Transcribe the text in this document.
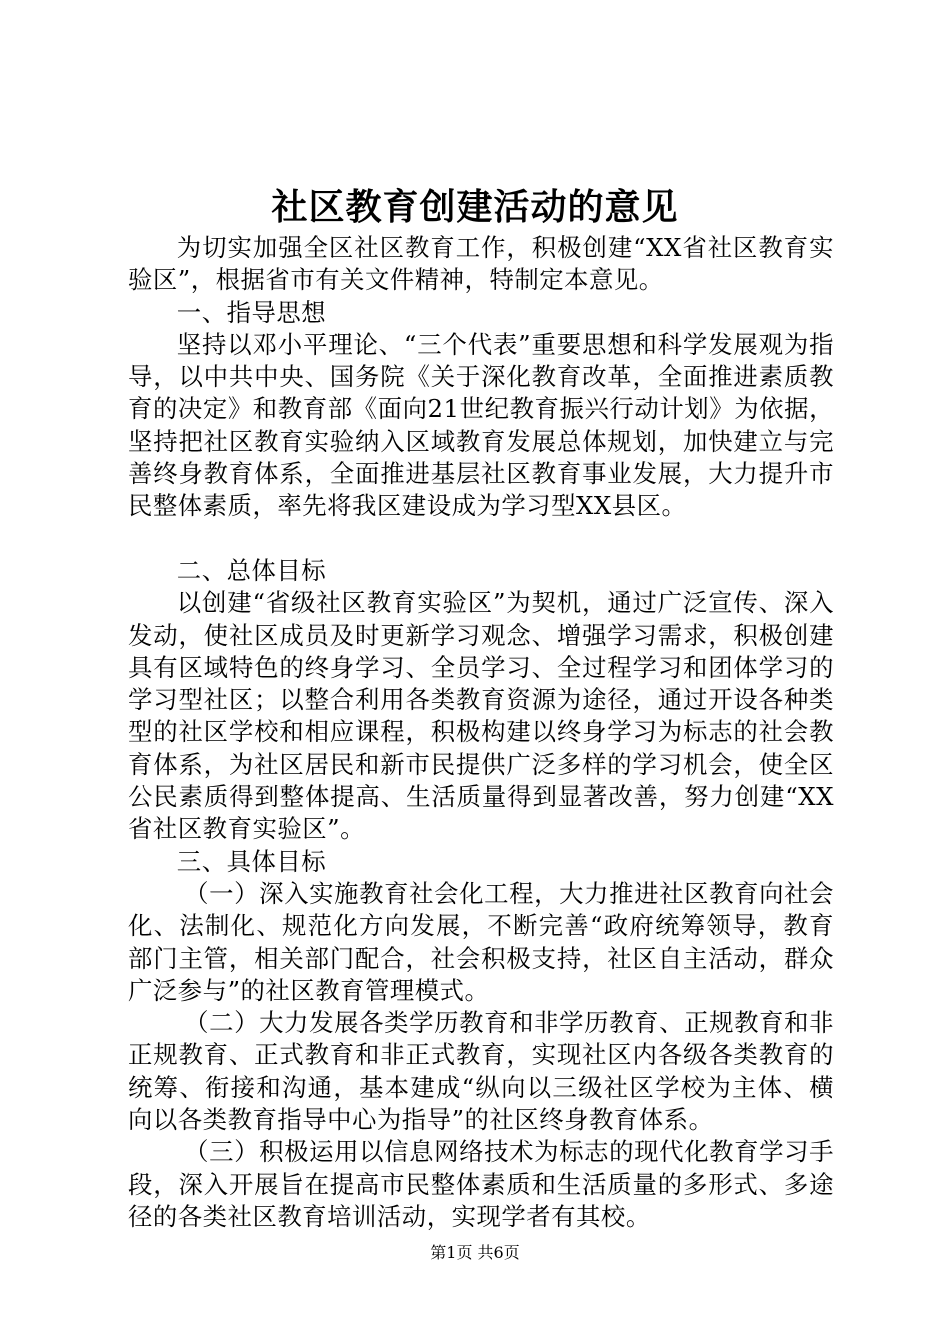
社区教育创建活动的意见

为切实加强全区社区教育工作，积极创建“XX省社区教育实验区”，根据省市有关文件精神，特制定本意见。

一、指导思想

坚持以邓小平理论、“三个代表”重要思想和科学发展观为指导，以中共中央、国务院《关于深化教育改革，全面推进素质教育的决定》和教育部《面向21世纪教育振兴行动计划》为依据，坚持把社区教育实验纳入区域教育发展总体规划，加快建立与完善终身教育体系，全面推进基层社区教育事业发展，大力提升市民整体素质，率先将我区建设成为学习型XX县区。

二、总体目标

以创建“省级社区教育实验区”为契机，通过广泛宣传、深入发动，使社区成员及时更新学习观念、增强学习需求，积极创建具有区域特色的终身学习、全员学习、全过程学习和团体学习的学习型社区；以整合利用各类教育资源为途径，通过开设各种类型的社区学校和相应课程，积极构建以终身学习为标志的社会教育体系，为社区居民和新市民提供广泛多样的学习机会，使全区公民素质得到整体提高、生活质量得到显著改善，努力创建“XX省社区教育实验区”。

三、具体目标

（一）深入实施教育社会化工程，大力推进社区教育向社会化、法制化、规范化方向发展，不断完善“政府统筹领导，教育部门主管，相关部门配合，社会积极支持，社区自主活动，群众广泛参与”的社区教育管理模式。

（二）大力发展各类学历教育和非学历教育、正规教育和非正规教育、正式教育和非正式教育，实现社区内各级各类教育的统筹、衔接和沟通，基本建成“纵向以三级社区学校为主体、横向以各类教育指导中心为指导”的社区终身教育体系。

（三）积极运用以信息网络技术为标志的现代化教育学习手段，深入开展旨在提高市民整体素质和生活质量的多形式、多途径的各类社区教育培训活动，实现学者有其校。

第1页 共6页
